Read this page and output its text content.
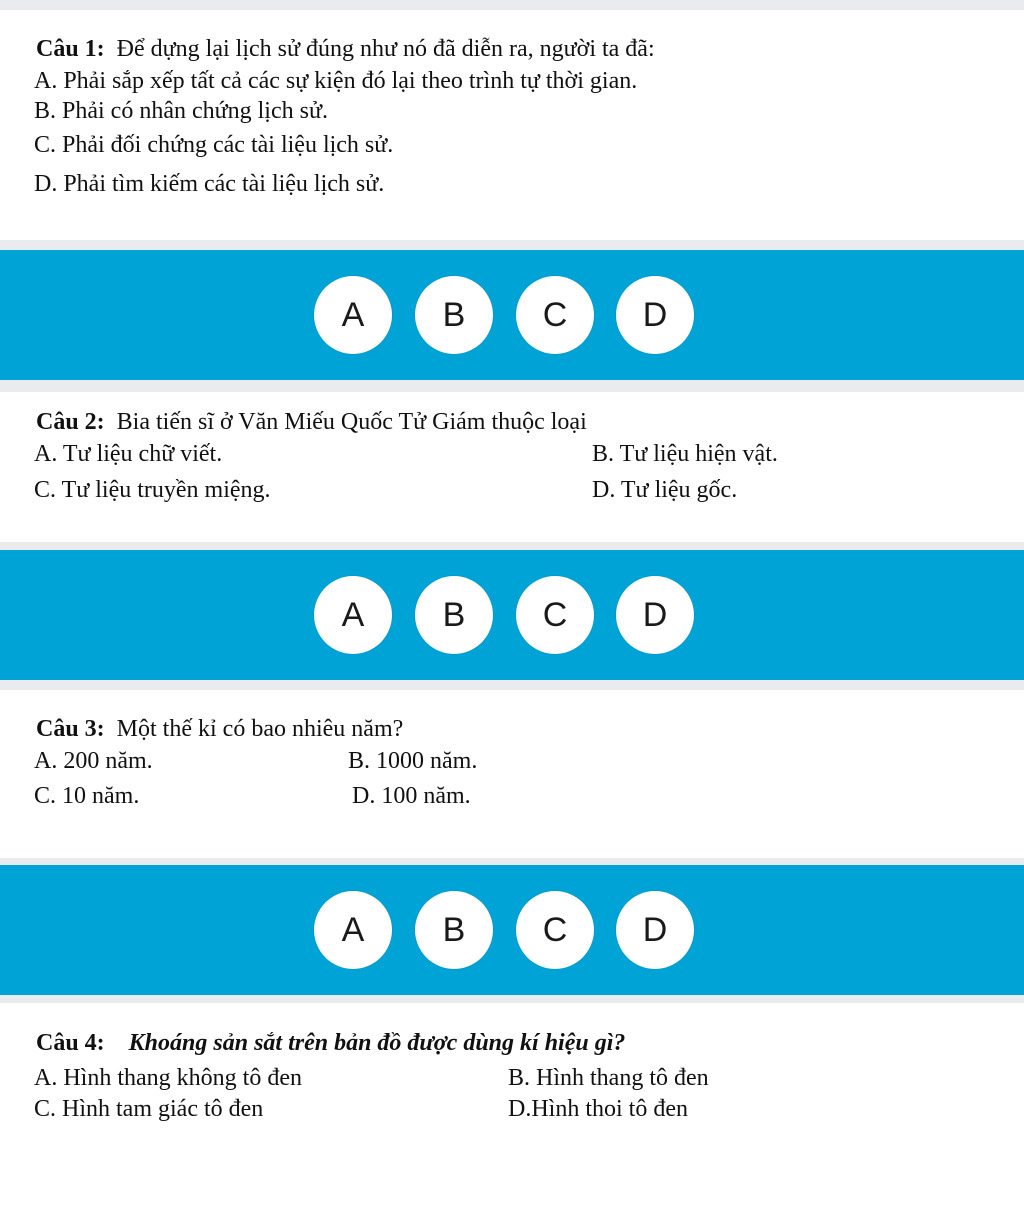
Câu 1: Để dựng lại lịch sử đúng như nó đã diễn ra, người ta đã:
A. Phải sắp xếp tất cả các sự kiện đó lại theo trình tự thời gian.
B. Phải có nhân chứng lịch sử.
C. Phải đối chứng các tài liệu lịch sử.
D. Phải tìm kiếm các tài liệu lịch sử.
A	B	C	D
Câu 2: Bia tiến sĩ ở Văn Miếu Quốc Tử Giám thuộc loại
A. Tư liệu chữ viết.	B. Tư liệu hiện vật.
C. Tư liệu truyền miệng.	D. Tư liệu gốc.
A	B	C	D
Câu 3: Một thế kỉ có bao nhiêu năm?
A. 200 năm.	B. 1000 năm.
C. 10 năm.	D. 100 năm.
A	B	C	D
Câu 4: Khoáng sản sắt trên bản đồ được dùng kí hiệu gì?
A. Hình thang không tô đen	B. Hình thang tô đen
C. Hình tam giác tô đen	D.Hình thoi tô đen
